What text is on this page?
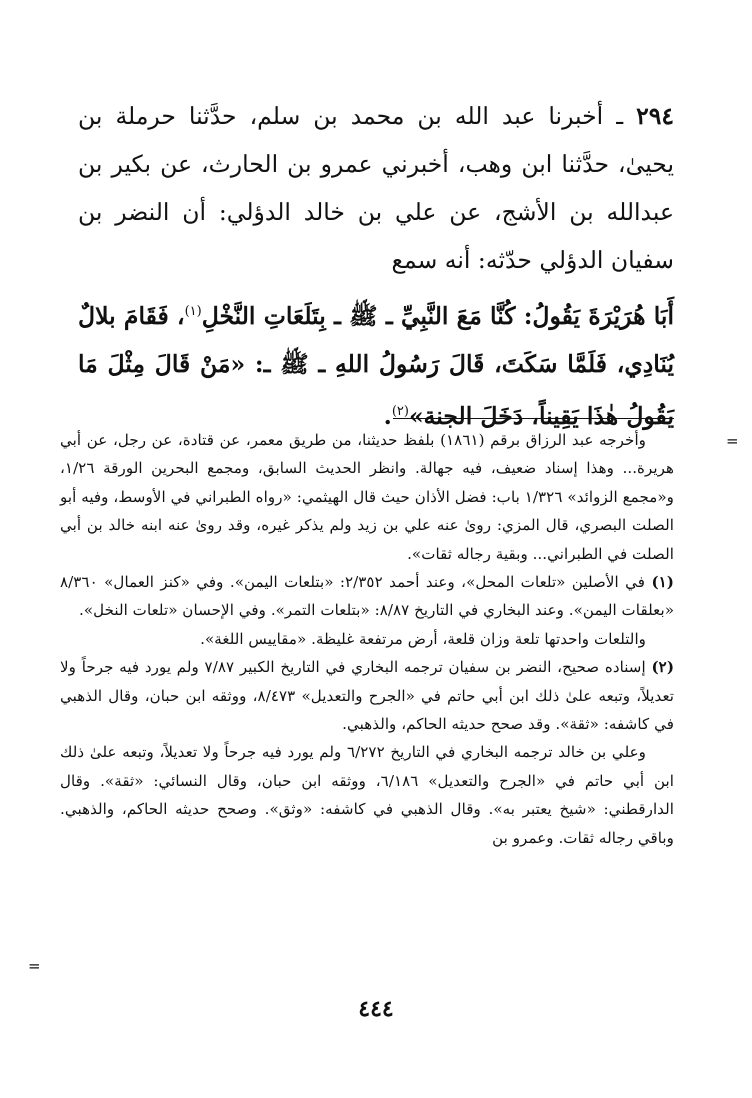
٢٩٤ ـ أخبرنا عبد الله بن محمد بن سلم، حدَّثنا حرملة بن يحيىٰ، حدَّثنا ابن وهب، أخبرني عمرو بن الحارث، عن بكير بن عبدالله بن الأشج، عن علي بن خالد الدؤلي: أن النضر بن سفيان الدؤلي حدّثه: أنه سمع

أَبَا هُرَيْرَةَ يَقُولُ: كُنَّا مَعَ النَّبِيِّ ـ ﷺ ـ بِتَلَعَاتِ النَّخْلِ$^{(١)}$، فَقَامَ بلالٌ يُنَادِي، فَلَمَّا سَكَتَ، قَالَ رَسُولُ اللهِ ـ ﷺ ـ: «مَنْ قَالَ مِثْلَ مَا يَقُولُ هٰذَا يَقِيناً، دَخَلَ الجنة»$^{(٢)}$.

=

وأخرجه عبد الرزاق برقم (١٨٦١) بلفظ حديثنا، من طريق معمر، عن قتادة، عن رجل، عن أبي هريرة... وهذا إسناد ضعيف، فيه جهالة. وانظر الحديث السابق، ومجمع البحرين الورقة ١/٢٦، و«مجمع الزوائد» ١/٣٢٦ باب: فضل الأذان حيث قال الهيثمي: «رواه الطبراني في الأوسط، وفيه أبو الصلت البصري، قال المزي: روىٰ عنه علي بن زيد ولم يذكر غيره، وقد روىٰ عنه ابنه خالد بن أبي الصلت في الطبراني... وبقية رجاله ثقات».

(١) في الأصلين «تلعات المحل»، وعند أحمد ٢/٣٥٢: «بتلعات اليمن». وفي «كنز العمال» ٨/٣٦٠ «بعلقات اليمن». وعند البخاري في التاريخ ٨/٨٧: «بتلعات التمر». وفي الإحسان «تلعات النخل».

والتلعات واحدتها تلعة وزان قلعة، أرض مرتفعة غليظة. «مقاييس اللغة».

(٢) إسناده صحيح، النضر بن سفيان ترجمه البخاري في التاريخ الكبير ٧/٨٧ ولم يورد فيه جرحاً ولا تعديلاً، وتبعه علىٰ ذلك ابن أبي حاتم في «الجرح والتعديل» ٨/٤٧٣، ووثقه ابن حبان، وقال الذهبي في كاشفه: «ثقة». وقد صحح حديثه الحاكم، والذهبي.

وعلي بن خالد ترجمه البخاري في التاريخ ٦/٢٧٢ ولم يورد فيه جرحاً ولا تعديلاً، وتبعه علىٰ ذلك ابن أبي حاتم في «الجرح والتعديل» ٦/١٨٦، ووثقه ابن حبان، وقال النسائي: «ثقة». وقال الدارقطني: «شيخ يعتبر به». وقال الذهبي في كاشفه: «وثق». وصحح حديثه الحاكم، والذهبي. وباقي رجاله ثقات. وعمرو بن

=
٤٤٤
